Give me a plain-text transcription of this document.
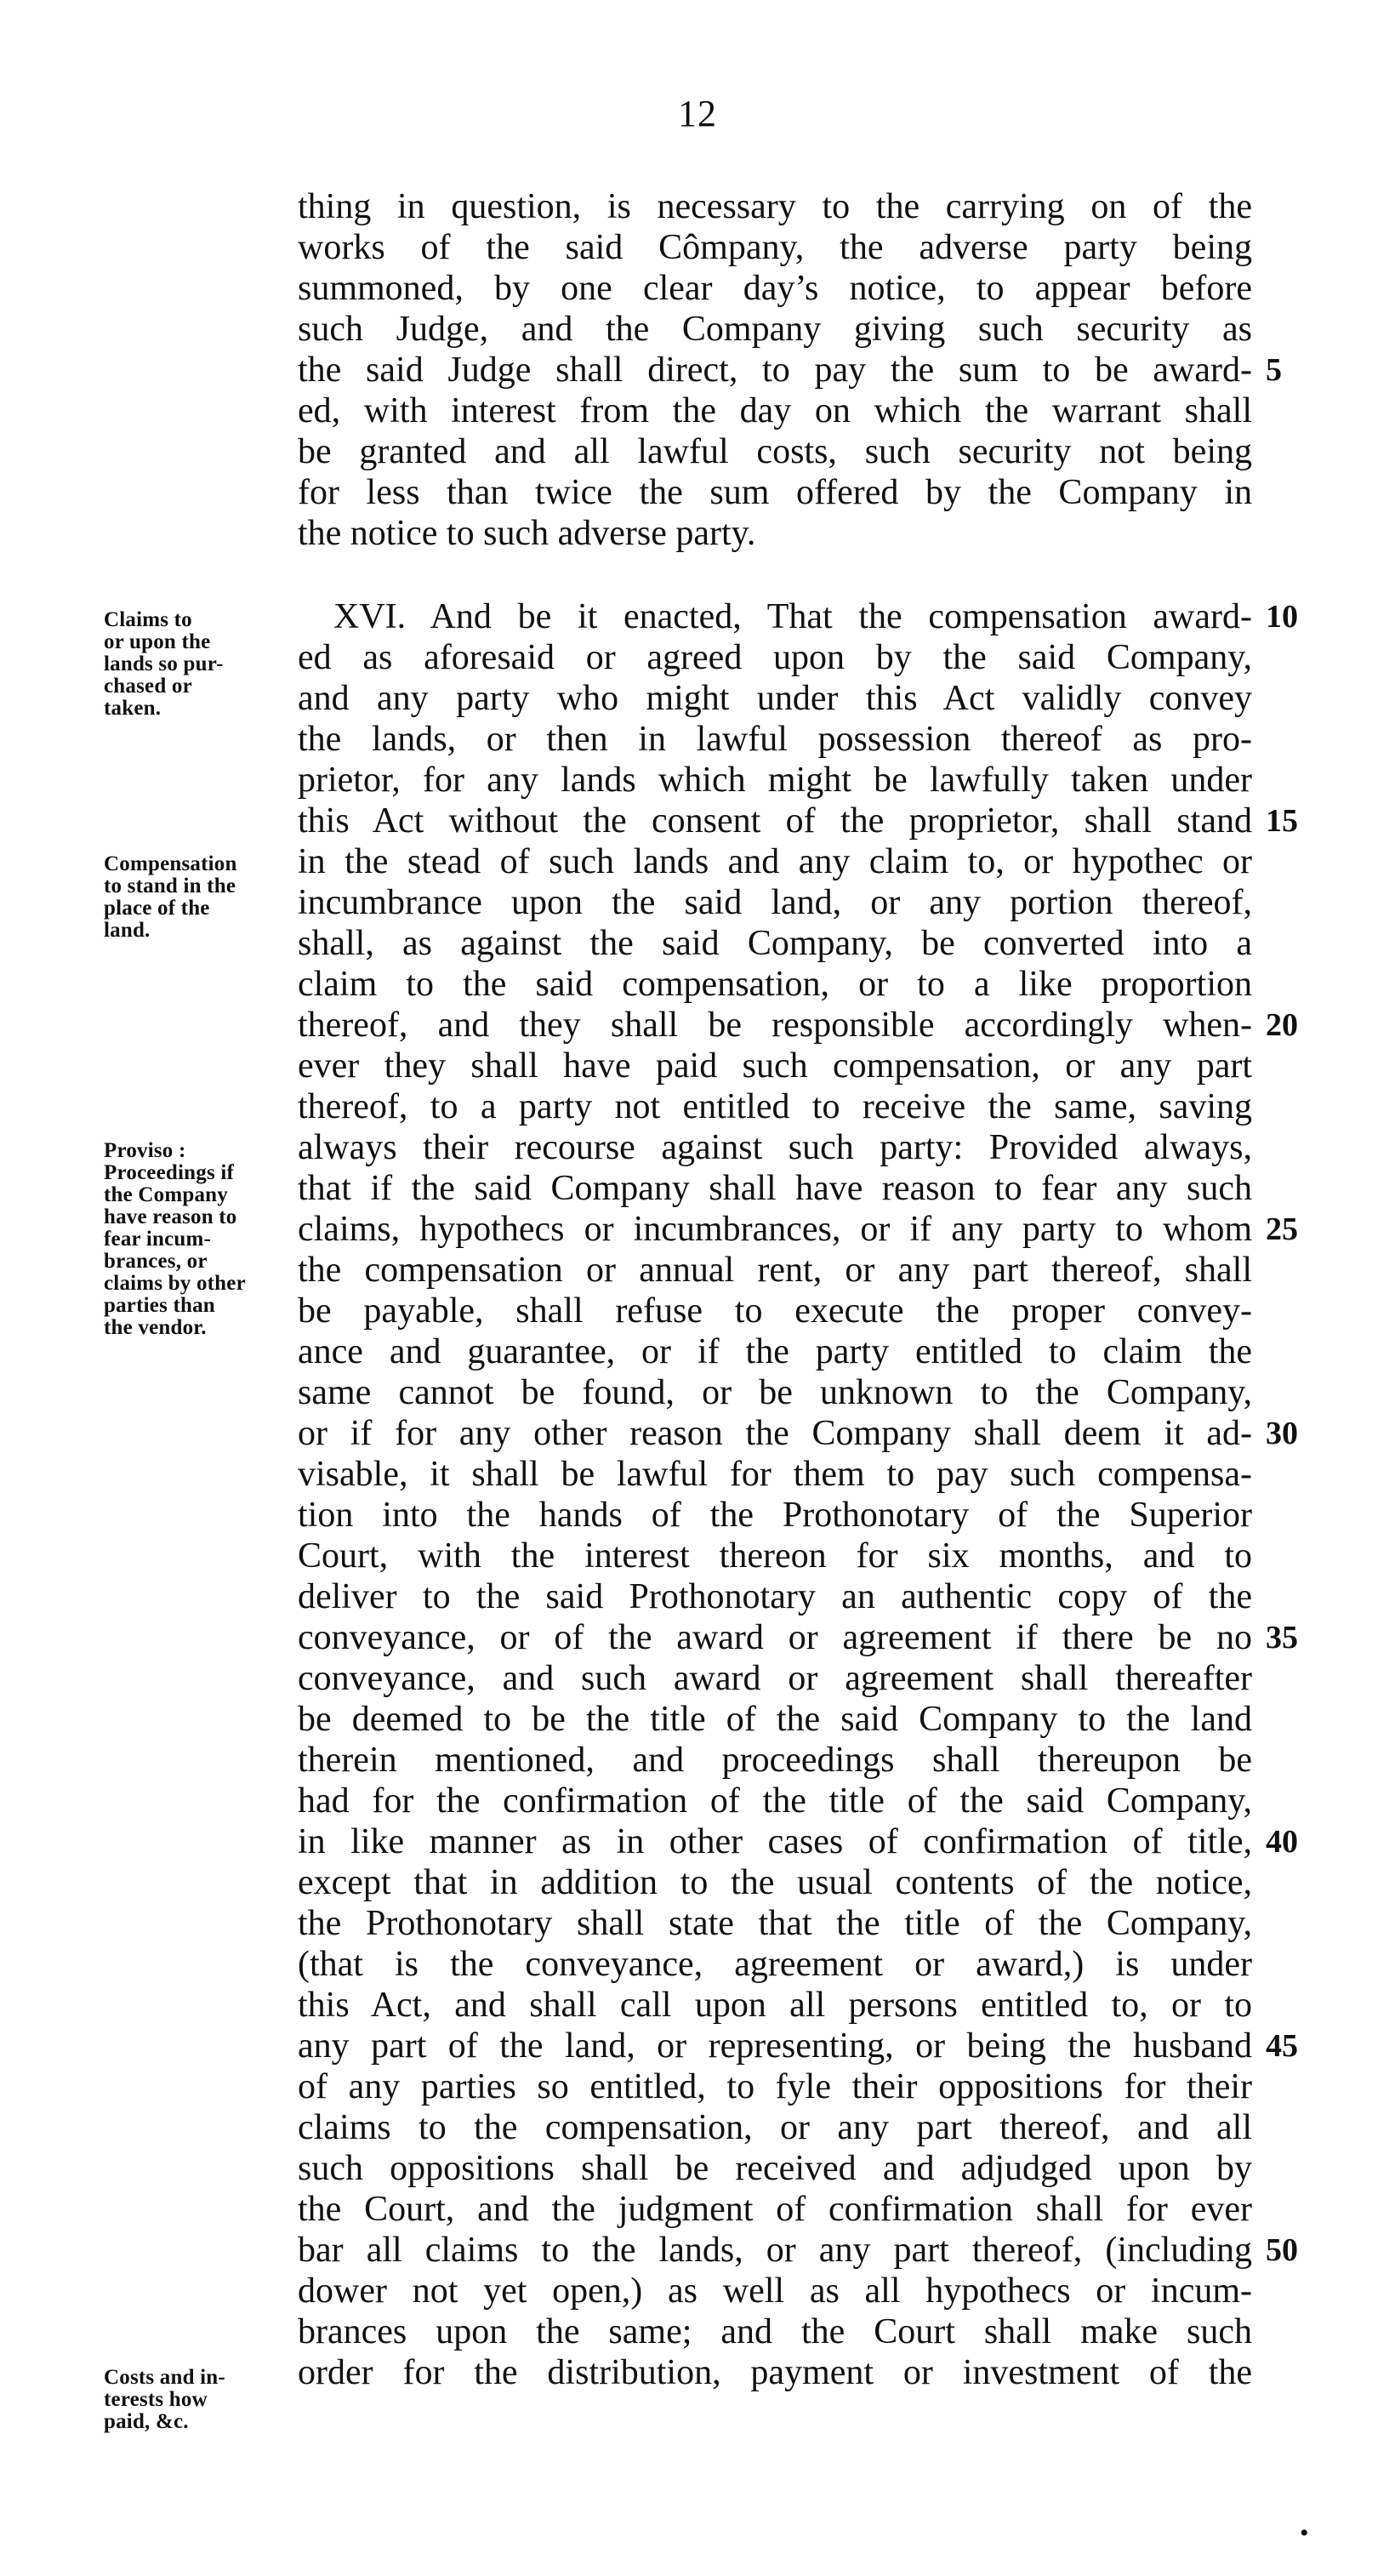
12
thing in question, is necessary to the carrying on of the
works of the said Cômpany, the adverse party being
summoned, by one clear day’s notice, to appear before
such Judge, and the Company giving such security as
the said Judge shall direct, to pay the sum to be award-
ed, with interest from the day on which the warrant shall
be granted and all lawful costs, such security not being
for less than twice the sum offered by the Company in
the notice to such adverse party.
XVI. And be it enacted, That the compensation award-
ed as aforesaid or agreed upon by the said Company,
and any party who might under this Act validly convey
the lands, or then in lawful possession thereof as pro-
prietor, for any lands which might be lawfully taken under
this Act without the consent of the proprietor, shall stand
in the stead of such lands and any claim to, or hypothec or
incumbrance upon the said land, or any portion thereof,
shall, as against the said Company, be converted into a
claim to the said compensation, or to a like proportion
thereof, and they shall be responsible accordingly when-
ever they shall have paid such compensation, or any part
thereof, to a party not entitled to receive the same, saving
always their recourse against such party: Provided always,
that if the said Company shall have reason to fear any such
claims, hypothecs or incumbrances, or if any party to whom
the compensation or annual rent, or any part thereof, shall
be payable, shall refuse to execute the proper convey-
ance and guarantee, or if the party entitled to claim the
same cannot be found, or be unknown to the Company,
or if for any other reason the Company shall deem it ad-
visable, it shall be lawful for them to pay such compensa-
tion into the hands of the Prothonotary of the Superior
Court, with the interest thereon for six months, and to
deliver to the said Prothonotary an authentic copy of the
conveyance, or of the award or agreement if there be no
conveyance, and such award or agreement shall thereafter
be deemed to be the title of the said Company to the land
therein mentioned, and proceedings shall thereupon be
had for the confirmation of the title of the said Company,
in like manner as in other cases of confirmation of title,
except that in addition to the usual contents of the notice,
the Prothonotary shall state that the title of the Company,
(that is the conveyance, agreement or award,) is under
this Act, and shall call upon all persons entitled to, or to
any part of the land, or representing, or being the husband
of any parties so entitled, to fyle their oppositions for their
claims to the compensation, or any part thereof, and all
such oppositions shall be received and adjudged upon by
the Court, and the judgment of confirmation shall for ever
bar all claims to the lands, or any part thereof, (including
dower not yet open,) as well as all hypothecs or incum-
brances upon the same; and the Court shall make such
order for the distribution, payment or investment of the
5
10
15
20
25
30
35
40
45
50
Claims to
or upon the
lands so pur-
chased or
taken.
Compensation
to stand in the
place of the
land.
Proviso :
Proceedings if
the Company
have reason to
fear incum-
brances, or
claims by other
parties than
the vendor.
Costs and in-
terests how
paid, &c.
•
